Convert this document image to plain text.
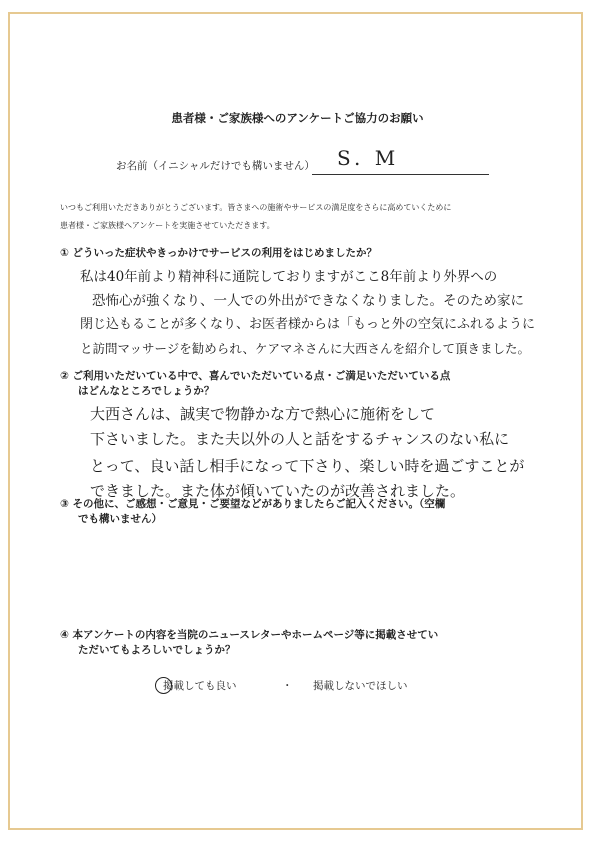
患者様・ご家族様へのアンケートご協力のお願い
お名前（イニシャルだけでも構いません） S. M
いつもご利用いただきありがとうございます。皆さまへの施術やサービスの満足度をさらに高めていくために
患者様・ご家族様へアンケートを実施させていただきます。
① どういった症状やきっかけでサービスの利用をはじめましたか？
私は40年前より精神科に通院しておりますがここ8年前より外界への
恐怖心が強くなり、一人での外出ができなくなりました。そのため家に
閉じ込もることが多くなり、お医者様からは「もっと外の空気にふれるように
と訪問マッサージを勧められ、ケアマネさんに大西さんを紹介して頂きました。
② ご利用いただいている中で、喜んでいただいている点・ご満足いただいている点
はどんなところでしょうか？
大西さんは、誠実で物静かな方で熱心に施術をして
下さいました。また夫以外の人と話をするチャンスのない私に
とって、良い話し相手になって下さり、楽しい時を過ごすことが
できました。また体が傾いていたのが改善されました。
③ その他に、ご感想・ご意見・ご要望などがありましたらご記入ください。（空欄
でも構いません）
④ 本アンケートの内容を当院のニュースレターやホームページ等に掲載させてい
ただいてもよろしいでしょうか？
掲載しても良い	・ 掲載しないでほしい
